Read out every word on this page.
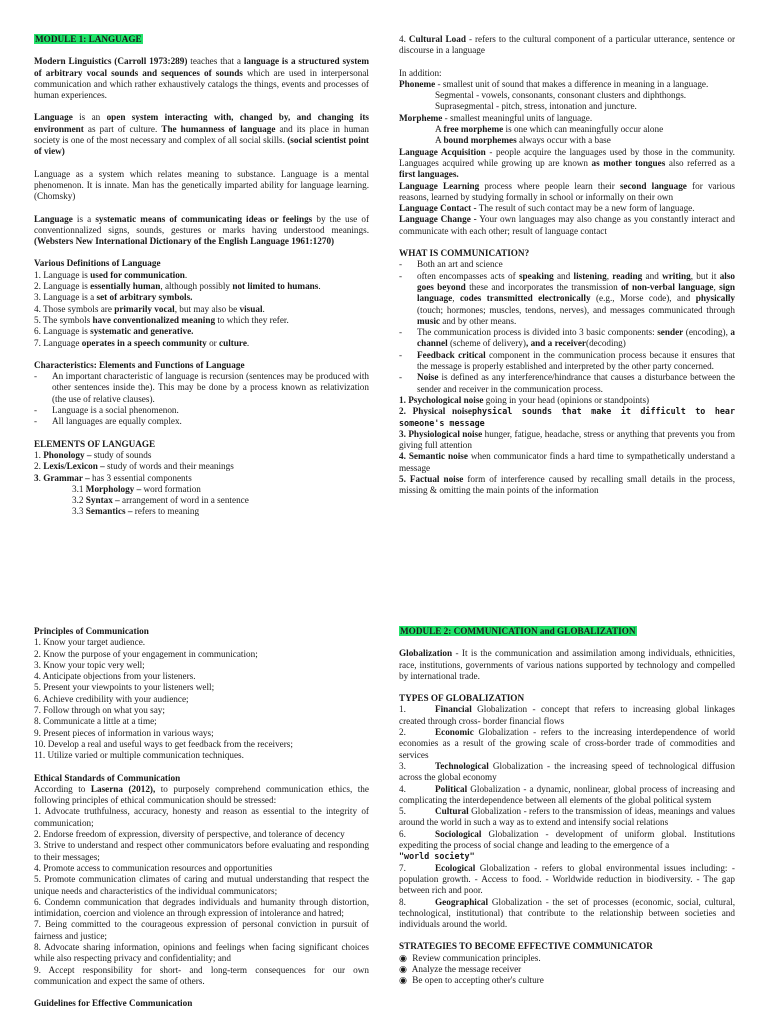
MODULE 1: LANGUAGE

Modern Linguistics (Carroll 1973:289) teaches that a language is a structured system of arbitrary vocal sounds and sequences of sounds which are used in interpersonal communication and which rather exhaustively catalogs the things, events and processes of human experiences.

Language is an open system interacting with, changed by, and changing its environment as part of culture. The humanness of language and its place in human society is one of the most necessary and complex of all social skills. (social scientist point of view)

Language as a system which relates meaning to substance. Language is a mental phenomenon. It is innate. Man has the genetically imparted ability for language learning. (Chomsky)

Language is a systematic means of communicating ideas or feelings by the use of conventionnalized signs, sounds, gestures or marks having understood meanings. (Websters New International Dictionary of the English Language 1961:1270)

Various Definitions of Language

1. Language is used for communication.

2. Language is essentially human, although possibly not limited to humans.

3. Language is a set of arbitrary symbols.

4. Those symbols are primarily vocal, but may also be visual.

5. The symbols have conventionalized meaning to which they refer.

6. Language is systematic and generative.

7. Language operates in a speech community or culture.

Characteristics: Elements and Functions of Language

- An important characteristic of language is recursion (sentences may be produced with other sentences inside the). This may be done by a process known as relativization (the use of relative clauses).

- Language is a social phenomenon.

- All languages are equally complex.

ELEMENTS OF LANGUAGE

1. Phonology – study of sounds

2. Lexis/Lexicon – study of words and their meanings

3. Grammar – has 3 essential components

3.1 Morphology – word formation

3.2 Syntax – arrangement of word in a sentence

3.3 Semantics – refers to meaning

4. Cultural Load - refers to the cultural component of a particular utterance, sentence or discourse in a language

In addition:

Phoneme - smallest unit of sound that makes a difference in meaning in a language.

Segmental - vowels, consonants, consonant clusters and diphthongs.

Suprasegmental - pitch, stress, intonation and juncture.

Morpheme - smallest meaningful units of language.

A free morpheme is one which can meaningfully occur alone

A bound morphemes always occur with a base

Language Acquisition - people acquire the languages used by those in the community. Languages acquired while growing up are known as mother tongues also referred as a first languages.

Language Learning process where people learn their second language for various reasons, learned by studying formally in school or informally on their own

Language Contact - The result of such contact may be a new form of language.

Language Change - Your own languages may also change as you constantly interact and communicate with each other; result of language contact

WHAT IS COMMUNICATION?

- Both an art and science

- often encompasses acts of speaking and listening, reading and writing, but it also goes beyond these and incorporates the transmission of non-verbal language, sign language, codes transmitted electronically (e.g., Morse code), and physically (touch; hormones; muscles, tendons, nerves), and messages communicated through music and by other means.

- The communication process is divided into 3 basic components: sender (encoding), a channel (scheme of delivery), and a receiver(decoding)

- Feedback critical component in the communication process because it ensures that the message is properly established and interpreted by the other party concerned.

- Noise is defined as any interference/hindrance that causes a disturbance between the sender and receiver in the communication process.

1. Psychological noise going in your head (opinions or standpoints)

2. Physical noisephysical sounds that make it difficult to hear someone's message

3. Physiological noise hunger, fatigue, headache, stress or anything that prevents you from giving full attention

4. Semantic noise when communicator finds a hard time to sympathetically understand a message

5. Factual noise form of interference caused by recalling small details in the process, missing & omitting the main points of the information

Principles of Communication

1. Know your target audience.

2. Know the purpose of your engagement in communication;

3. Know your topic very well;

4. Anticipate objections from your listeners.

5. Present your viewpoints to your listeners well;

6. Achieve credibility with your audience;

7. Follow through on what you say;

8. Communicate a little at a time;

9. Present pieces of information in various ways;

10. Develop a real and useful ways to get feedback from the receivers;

11. Utilize varied or multiple communication techniques.

Ethical Standards of Communication

According to Laserna (2012), to purposely comprehend communication ethics, the following principles of ethical communication should be stressed:

1. Advocate truthfulness, accuracy, honesty and reason as essential to the integrity of communication;

2. Endorse freedom of expression, diversity of perspective, and tolerance of decency

3. Strive to understand and respect other communicators before evaluating and responding to their messages;

4. Promote access to communication resources and opportunities

5. Promote communication climates of caring and mutual understanding that respect the unique needs and characteristics of the individual communicators;

6. Condemn communication that degrades individuals and humanity through distortion, intimidation, coercion and violence an through expression of intolerance and hatred;

7. Being committed to the courageous expression of personal conviction in pursuit of fairness and justice;

8. Advocate sharing information, opinions and feelings when facing significant choices while also respecting privacy and confidentiality; and

9. Accept responsibility for short- and long-term consequences for our own communication and expect the same of others.

Guidelines for Effective Communication

MODULE 2: COMMUNICATION and GLOBALIZATION

Globalization - It is the communication and assimilation among individuals, ethnicities, race, institutions, governments of various nations supported by technology and compelled by international trade.

TYPES OF GLOBALIZATION

1.	Financial Globalization - concept that refers to increasing global linkages created through cross- border financial flows

2.	Economic Globalization - refers to the increasing interdependence of world economies as a result of the growing scale of cross-border trade of commodities and services

3.	Technological Globalization - the increasing speed of technological diffusion across the global economy

4.	Political Globalization - a dynamic, nonlinear, global process of increasing and complicating the interdependence between all elements of the global political system

5.	Cultural Globalization - refers to the transmission of ideas, meanings and values around the world in such a way as to extend and intensify social relations

6.	Sociological Globalization - development of uniform global. Institutions expediting the process of social change and leading to the emergence of a

"world society"

7.	Ecological Globalization - refers to global environmental issues including: - population growth. - Access to food. - Worldwide reduction in biodiversity. - The gap between rich and poor.

8.	Geographical Globalization - the set of processes (economic, social, cultural, technological, institutional) that contribute to the relationship between societies and individuals around the world.

STRATEGIES TO BECOME EFFECTIVE COMMUNICATOR

◉ Review communication principles.

◉ Analyze the message receiver

◉ Be open to accepting other's culture
